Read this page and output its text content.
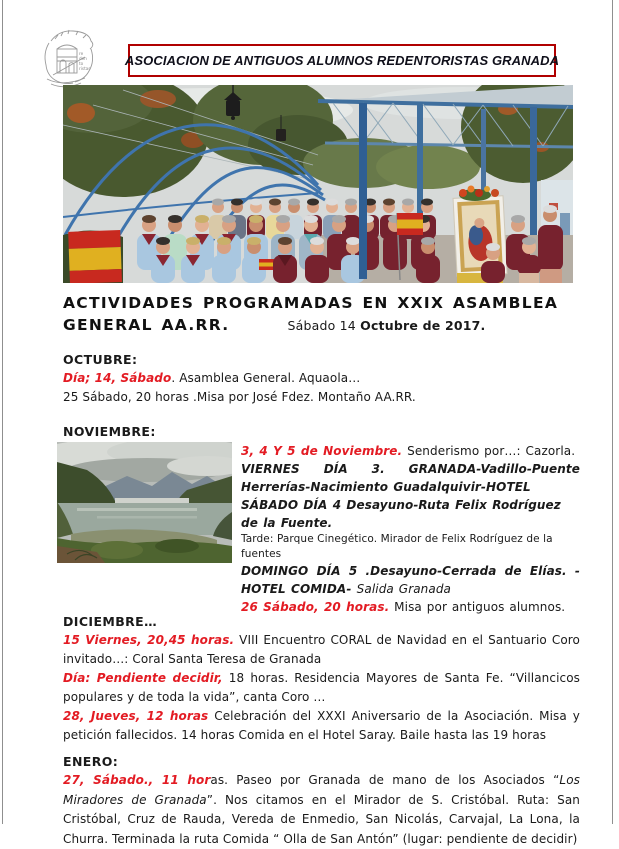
re
den
to
ristas
ASOCIACION DE ANTIGUOS ALUMNOS REDENTORISTAS GRANADA
ACTIVIDADES PROGRAMADAS EN XXIX ASAMBLEA
GENERAL AA.RR.	Sábado 14 Octubre de 2017.
OCTUBRE:

Día; 14, Sábado. Asamblea General. Aquaola…

25 Sábado, 20 horas .Misa por José Fdez. Montaño AA.RR.

NOVIEMBRE:

3, 4 Y 5 de Noviembre. Senderismo por…: Cazorla.

VIERNES DÍA 3. GRANADA-Vadillo-Puente Herrerías-Nacimiento Guadalquivir-HOTEL

SÁBADO DÍA 4 Desayuno-Ruta Felix Rodríguez de la Fuente.

Tarde: Parque Cinegético. Mirador de Felix Rodríguez de la fuentes

DOMINGO DÍA 5 .Desayuno-Cerrada de Elías. -HOTEL COMIDA- Salida Granada

26 Sábado, 20 horas. Misa por antiguos alumnos.

DICIEMBRE…

15 Viernes, 20,45 horas. VIII Encuentro CORAL de Navidad en el Santuario Coro invitado…: Coral Santa Teresa de Granada

Día: Pendiente decidir, 18 horas. Residencia Mayores de Santa Fe. “Villancicos populares y de toda la vida”, canta Coro …

28, Jueves, 12 horas Celebración del XXXI Aniversario de la Asociación. Misa y petición fallecidos. 14 horas Comida en el Hotel Saray. Baile hasta las 19 horas

ENERO:

27, Sábado., 11 horas. Paseo por Granada de mano de los Asociados “Los Miradores de Granada”. Nos citamos en el Mirador de S. Cristóbal. Ruta: San Cristóbal, Cruz de Rauda, Vereda de Enmedio, San Nicolás, Carvajal, La Lona, la Churra. Terminada la ruta Comida “ Olla de San Antón” (lugar: pendiente de decidir)
